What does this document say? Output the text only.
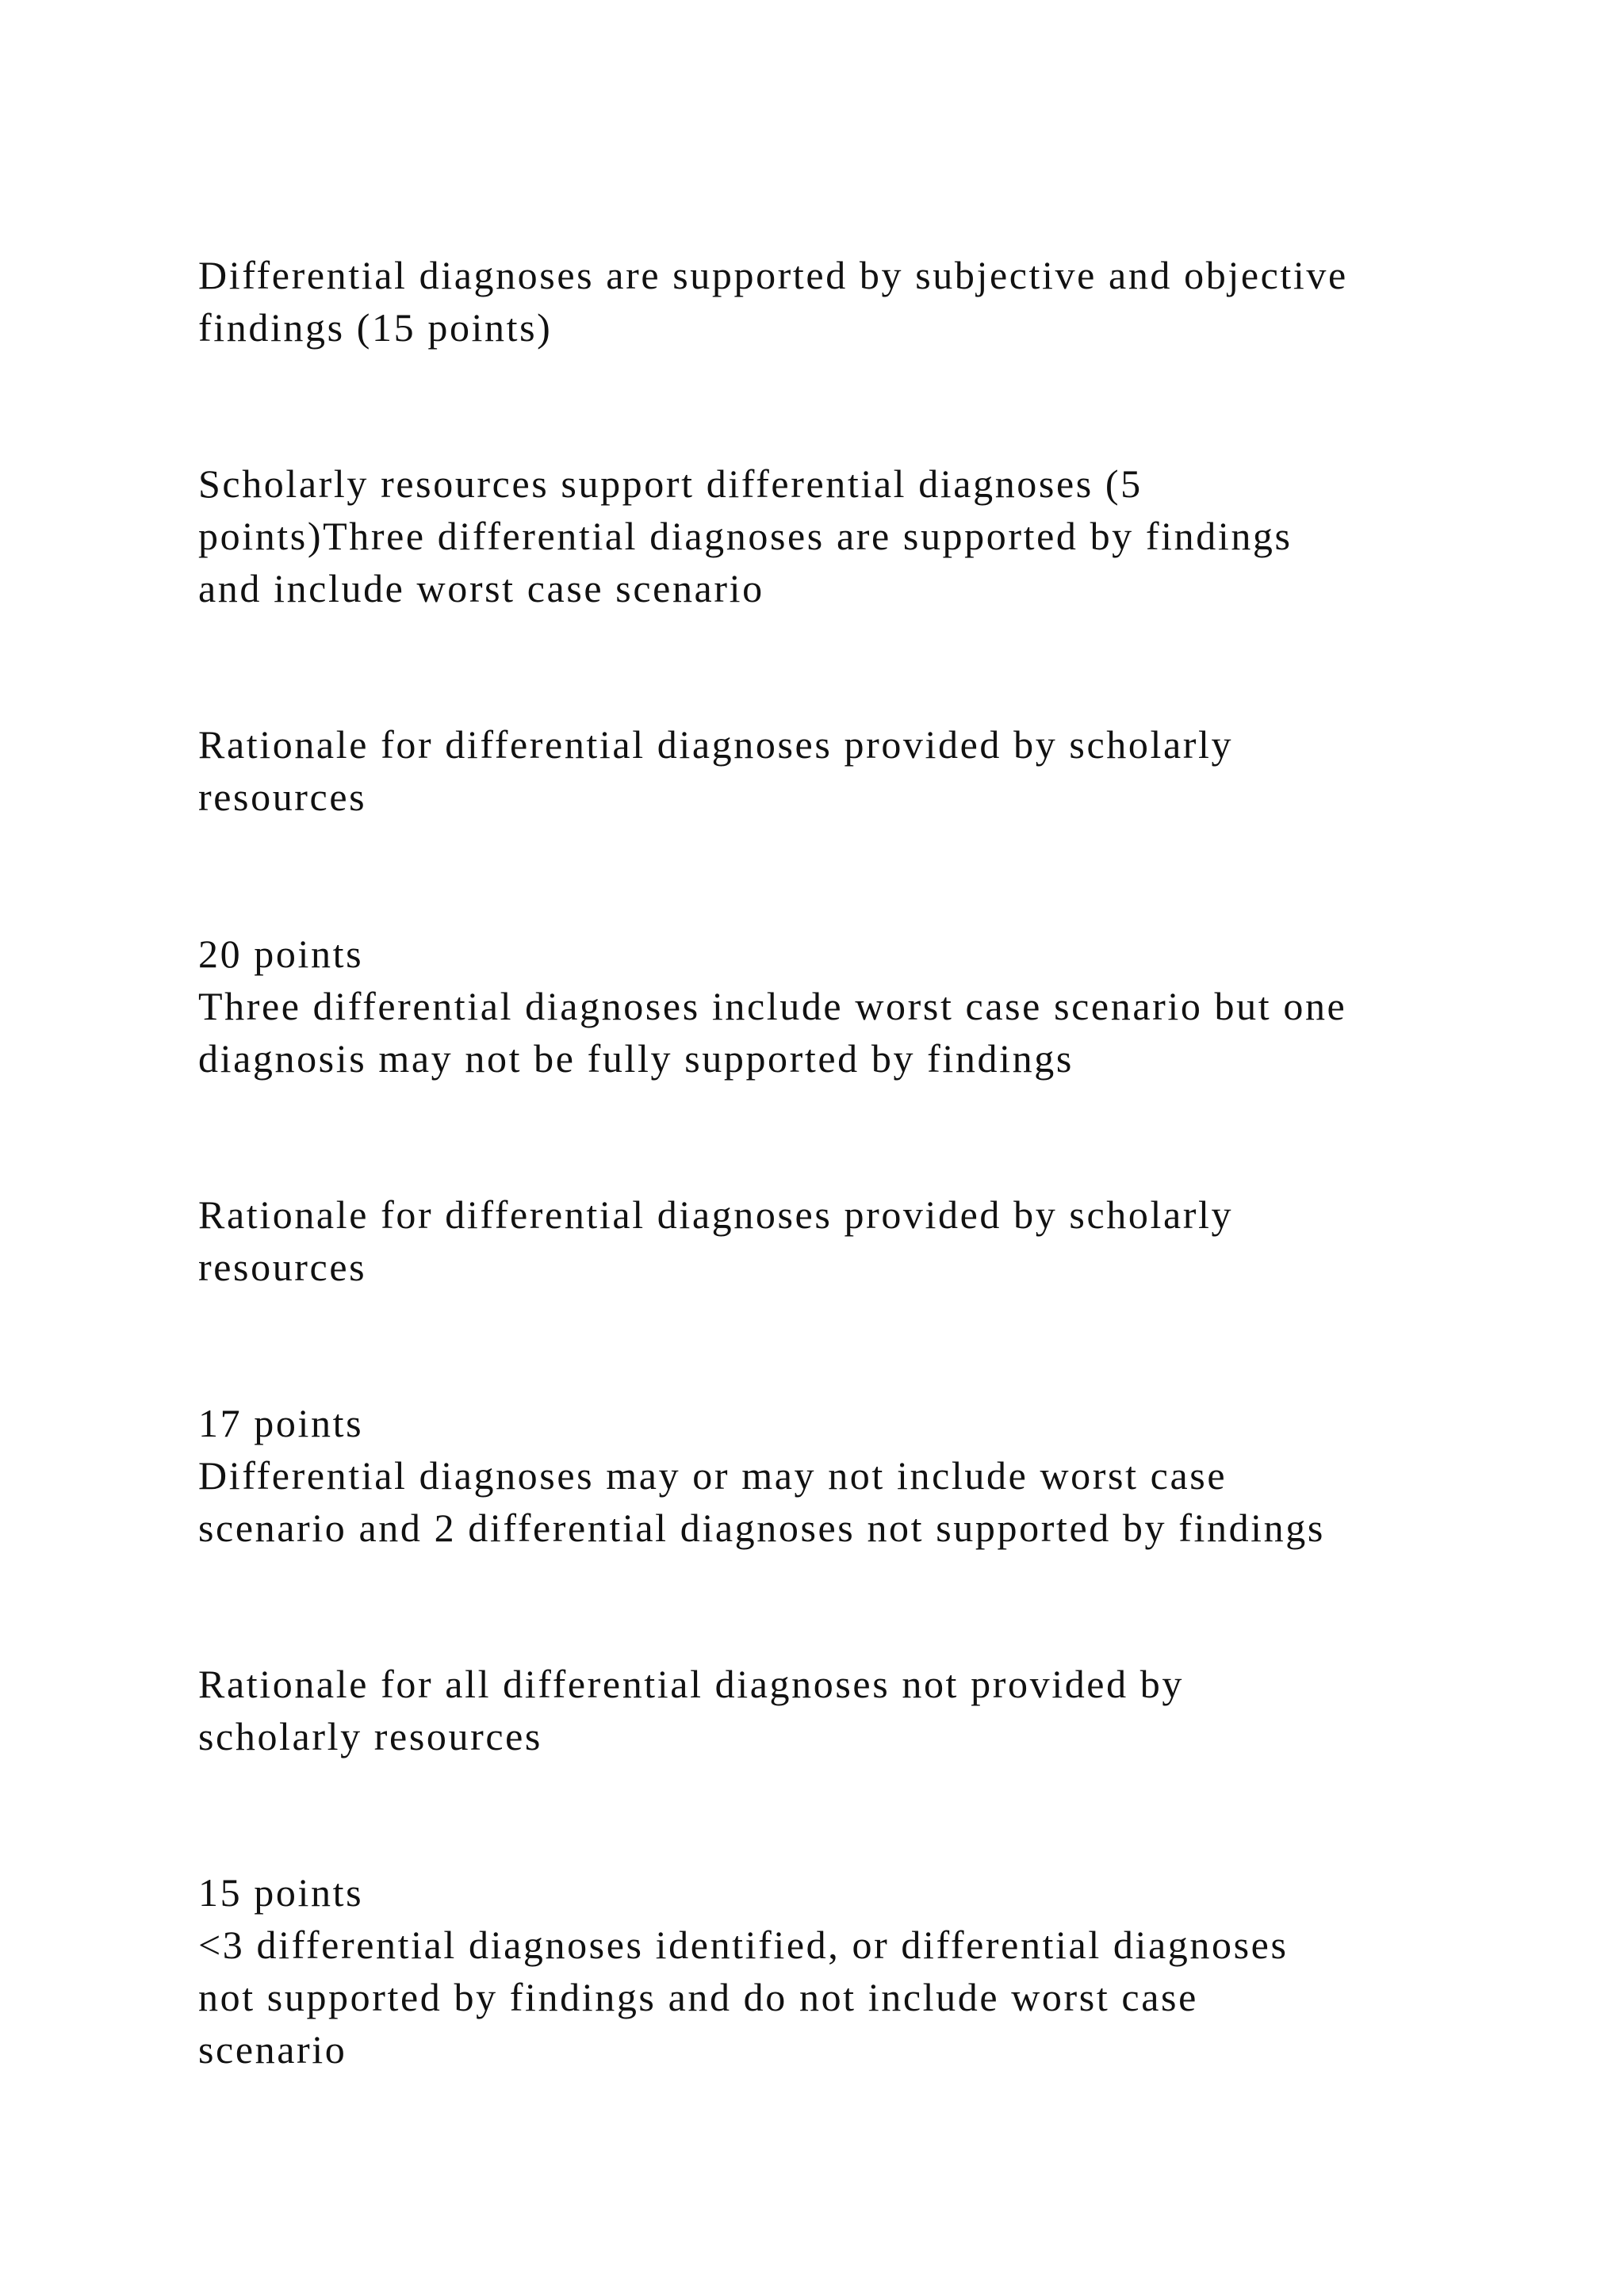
Differential diagnoses are supported by subjective and objective

findings (15 points)

Scholarly resources support differential diagnoses (5

points)Three differential diagnoses are supported by findings

and include worst case scenario

Rationale for differential diagnoses provided by scholarly

resources

20 points

Three differential diagnoses include worst case scenario but one

diagnosis may not be fully supported by findings

Rationale for differential diagnoses provided by scholarly

resources

17 points

Differential diagnoses may or may not include worst case

scenario and 2 differential diagnoses not supported by findings

Rationale for all differential diagnoses not provided by

scholarly resources

15 points

<3 differential diagnoses identified, or differential diagnoses

not supported by findings and do not include worst case

scenario
